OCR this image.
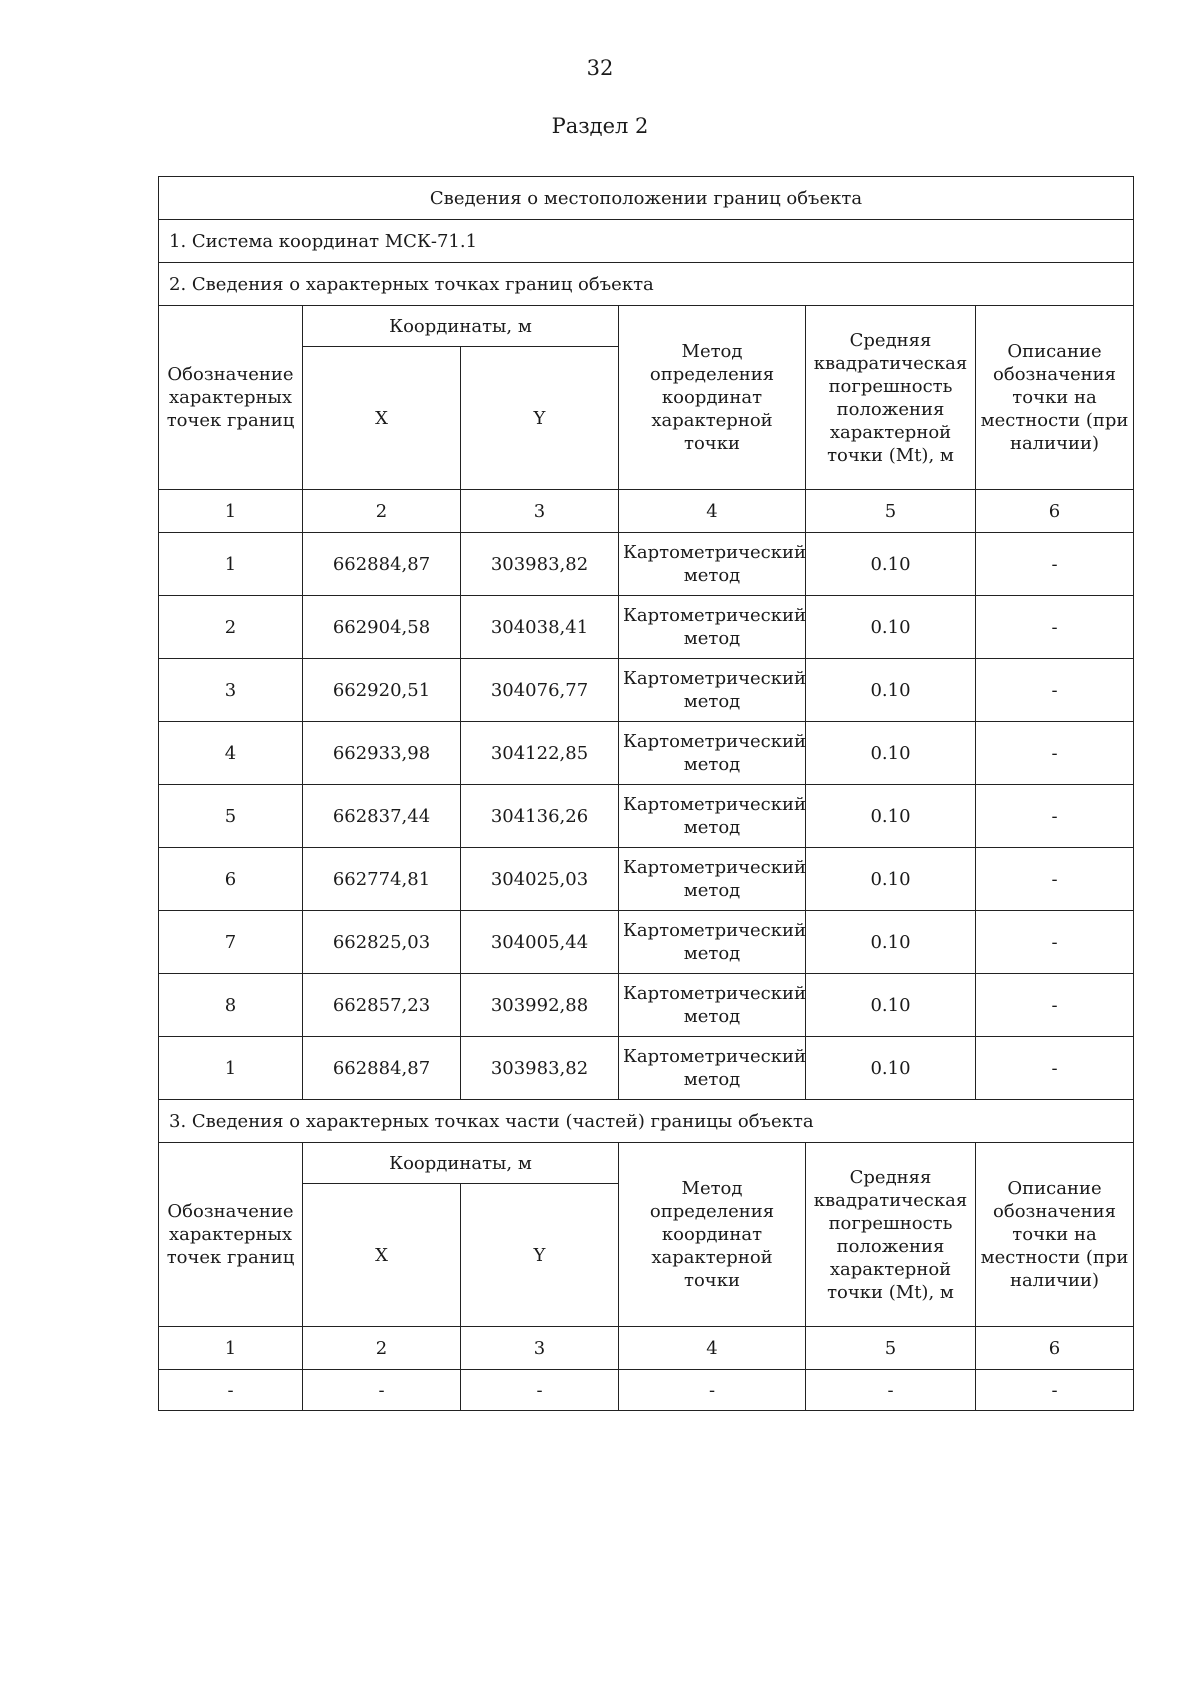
32
Раздел 2
Сведения о местоположении границ объекта					
1. Система координат МСК-71.1					
2. Сведения о характерных точках границ объекта					
Обозначение характерных точек границ	Координаты, м		Метод определения координат характерной точки	Средняя квадратическая погрешность положения характерной точки (Mt), м	Описание обозначения точки на местности (при наличии)
	X	Y			
1	2	3	4	5	6
1	662884,87	303983,82	Картометрический метод	0.10	-
2	662904,58	304038,41	Картометрический метод	0.10	-
3	662920,51	304076,77	Картометрический метод	0.10	-
4	662933,98	304122,85	Картометрический метод	0.10	-
5	662837,44	304136,26	Картометрический метод	0.10	-
6	662774,81	304025,03	Картометрический метод	0.10	-
7	662825,03	304005,44	Картометрический метод	0.10	-
8	662857,23	303992,88	Картометрический метод	0.10	-
1	662884,87	303983,82	Картометрический метод	0.10	-
3. Сведения о характерных точках части (частей) границы объекта					
Обозначение характерных точек границ	Координаты, м		Метод определения координат характерной точки	Средняя квадратическая погрешность положения характерной точки (Mt), м	Описание обозначения точки на местности (при наличии)
	X	Y			
1	2	3	4	5	6
-	-	-	-	-	-
